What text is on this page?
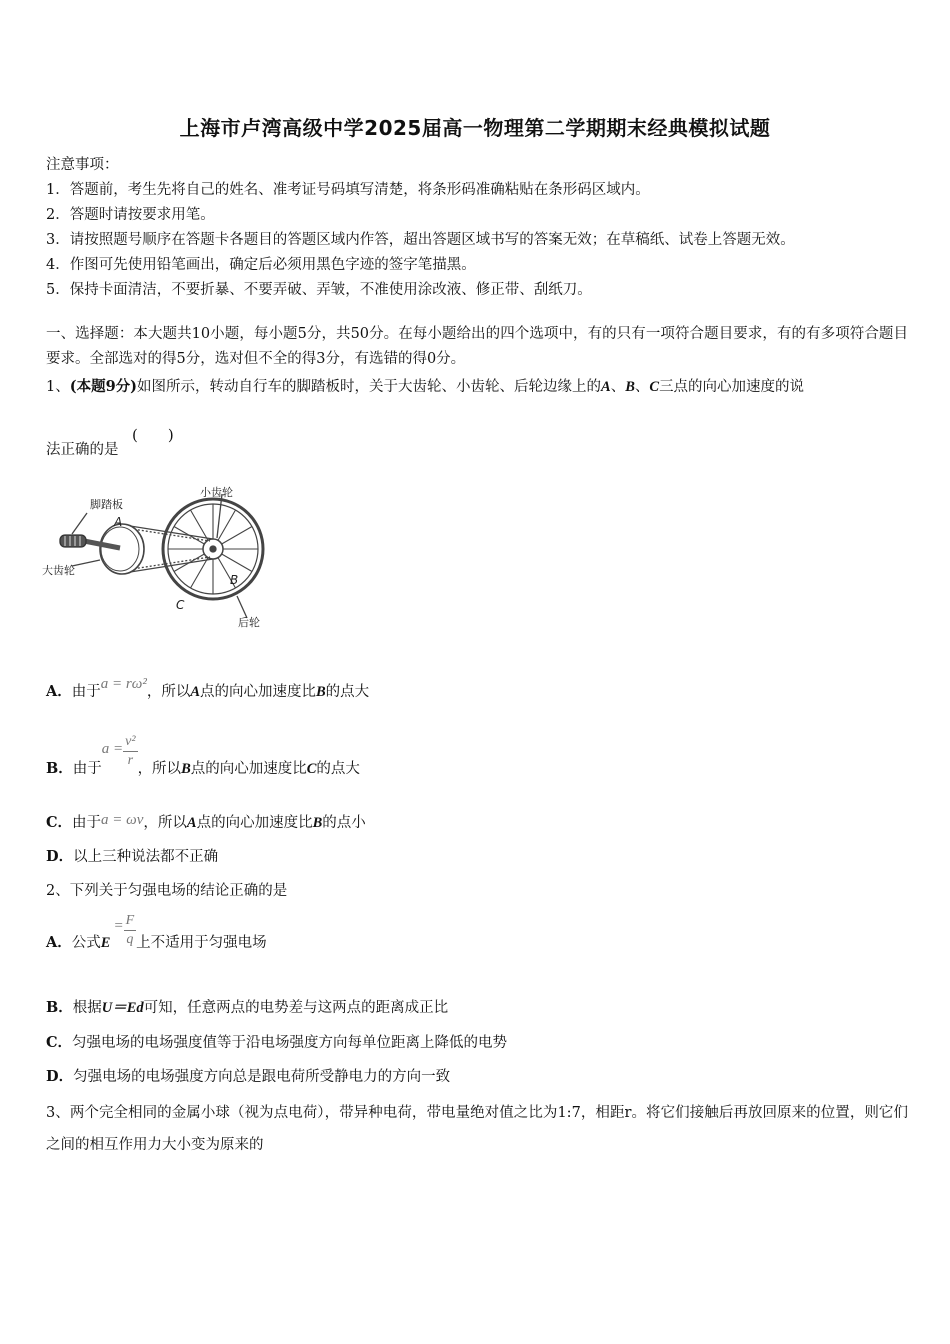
上海市卢湾高级中学2025届高一物理第二学期期末经典模拟试题
注意事项：
1．答题前，考生先将自己的姓名、准考证号码填写清楚，将条形码准确粘贴在条形码区域内。
2．答题时请按要求用笔。
3．请按照题号顺序在答题卡各题目的答题区域内作答，超出答题区域书写的答案无效；在草稿纸、试卷上答题无效。
4．作图可先使用铅笔画出，确定后必须用黑色字迹的签字笔描黑。
5．保持卡面清洁，不要折暴、不要弄破、弄皱，不准使用涂改液、修正带、刮纸刀。
一、选择题：本大题共10小题，每小题5分，共50分。在每小题给出的四个选项中，有的只有一项符合题目要求，有的有多项符合题目要求。全部选对的得5分，选对但不全的得3分，有选错的得0分。
1、(本题9分)如图所示，转动自行车的脚踏板时，关于大齿轮、小齿轮、后轮边缘上的A、B、C三点的向心加速度的说
法正确的是
(　　)
脚踏板
大齿轮
小齿轮
后轮
A
B
C
A．由于a = rω²，所以A点的向心加速度比B的点大
B．由于$a = \frac{\text{v²}}{r}$ ，所以B点的向心加速度比C的点大
C．由于a = ωv，所以A点的向心加速度比B的点小
D．以上三种说法都不正确
2、下列关于匀强电场的结论正确的是
A．公式$E= \frac{F}{q}$ 上不适用于匀强电场
B．根据U＝Ed可知，任意两点的电势差与这两点的距离成正比
C．匀强电场的电场强度值等于沿电场强度方向每单位距离上降低的电势
D．匀强电场的电场强度方向总是跟电荷所受静电力的方向一致
3、两个完全相同的金属小球（视为点电荷），带异种电荷，带电量绝对值之比为1:7，相距r。将它们接触后再放回原来的位置，则它们之间的相互作用力大小变为原来的
